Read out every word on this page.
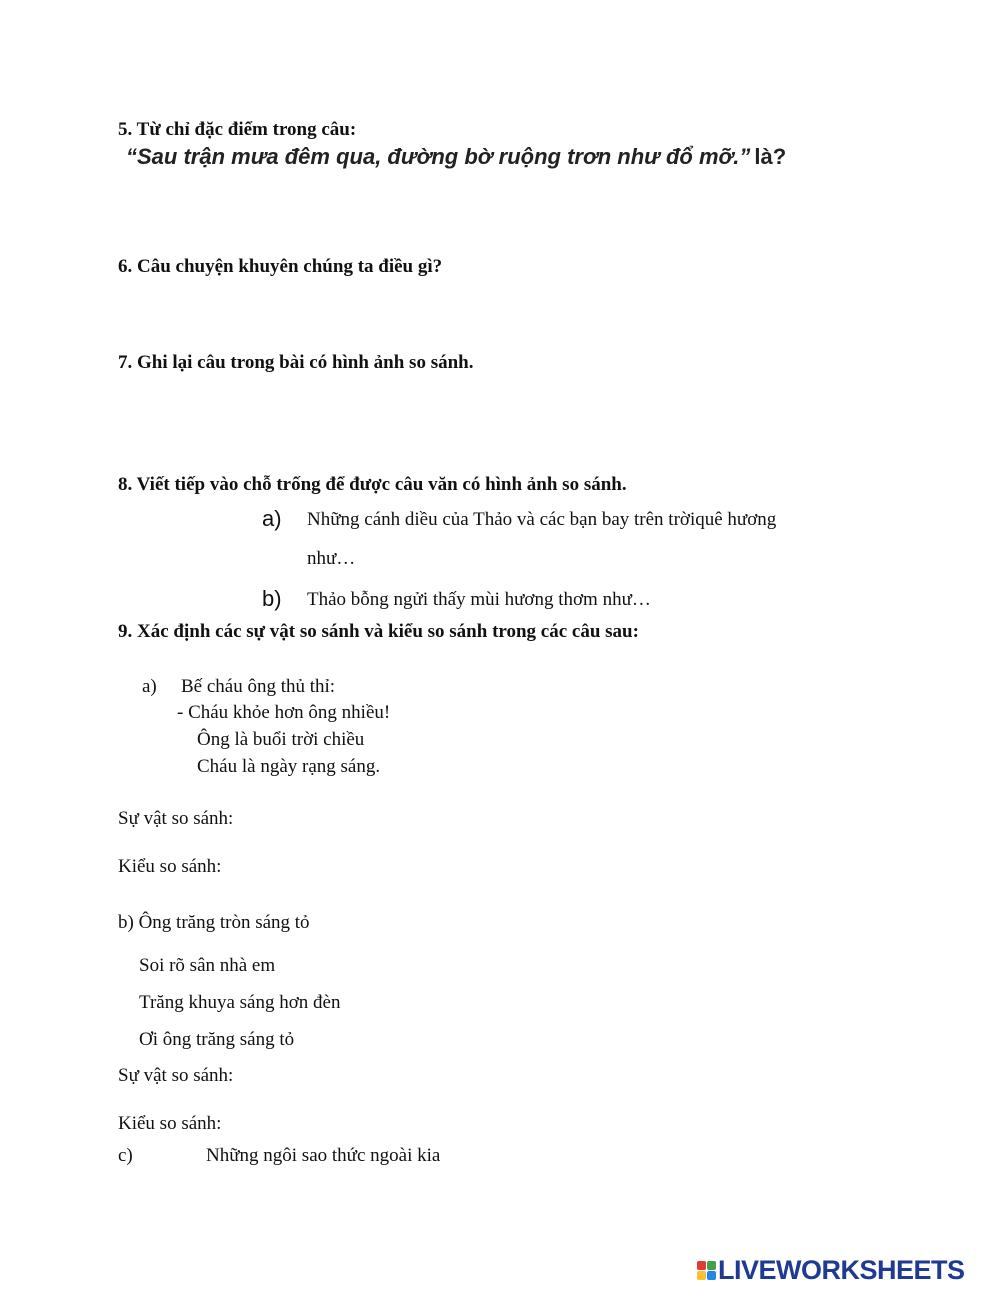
5. Từ chỉ đặc điểm trong câu:
“Sau trận mưa đêm qua, đường bờ ruộng trơn như đổ mỡ.” là?
6. Câu chuyện khuyên chúng ta điều gì?
7. Ghi lại câu trong bài có hình ảnh so sánh.
8. Viết tiếp vào chỗ trống để được câu văn có hình ảnh so sánh.
a) Những cánh diều của Thảo và các bạn bay trên trờiquê hương
như…
b) Thảo bỗng ngửi thấy mùi hương thơm như…
9. Xác định các sự vật so sánh và kiểu so sánh trong các câu sau:
a) Bế cháu ông thủ thỉ:
- Cháu khỏe hơn ông nhiều!
Ông là buổi trời chiều
Cháu là ngày rạng sáng.
Sự vật so sánh:
Kiểu so sánh:
b) Ông trăng tròn sáng tỏ
Soi rõ sân nhà em
Trăng khuya sáng hơn đèn
Ơi ông trăng sáng tỏ
Sự vật so sánh:
Kiểu so sánh:
c)	Những ngôi sao thức ngoài kia
LIVEWORKSHEETS
